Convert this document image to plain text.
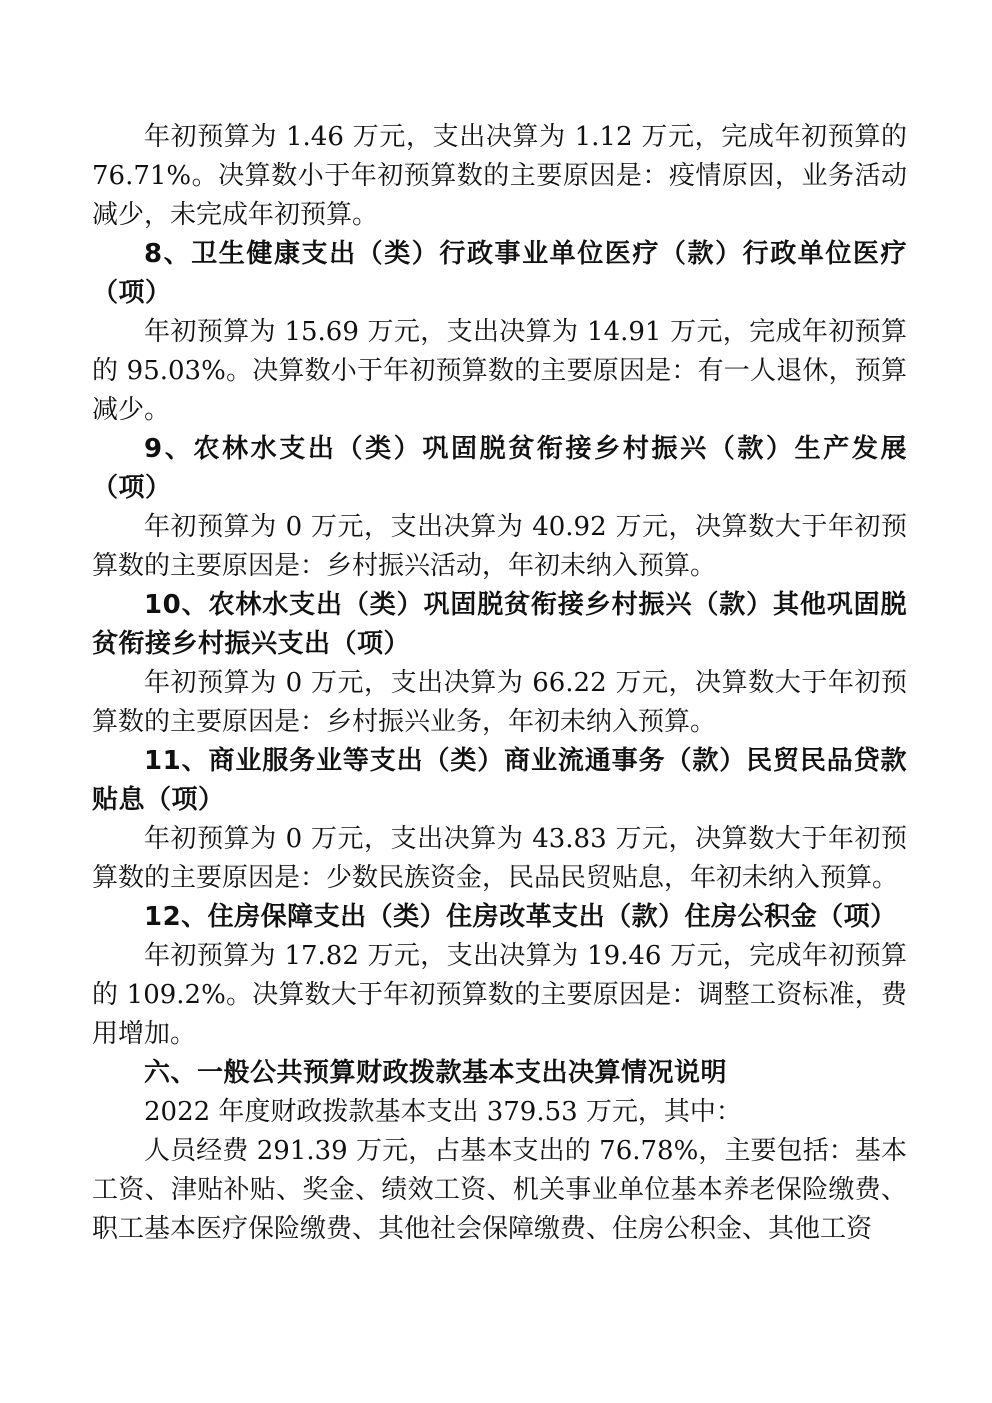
年初预算为 1.46 万元，支出决算为 1.12 万元，完成年初预算的 76.71%。决算数小于年初预算数的主要原因是：疫情原因，业务活动减少，未完成年初预算。

8、卫生健康支出（类）行政事业单位医疗（款）行政单位医疗（项）

年初预算为 15.69 万元，支出决算为 14.91 万元，完成年初预算的 95.03%。决算数小于年初预算数的主要原因是：有一人退休，预算减少。

9、农林水支出（类）巩固脱贫衔接乡村振兴（款）生产发展（项）

年初预算为 0 万元，支出决算为 40.92 万元，决算数大于年初预算数的主要原因是：乡村振兴活动，年初未纳入预算。

10、农林水支出（类）巩固脱贫衔接乡村振兴（款）其他巩固脱贫衔接乡村振兴支出（项）

年初预算为 0 万元，支出决算为 66.22 万元，决算数大于年初预算数的主要原因是：乡村振兴业务，年初未纳入预算。

11、商业服务业等支出（类）商业流通事务（款）民贸民品贷款贴息（项）

年初预算为 0 万元，支出决算为 43.83 万元，决算数大于年初预算数的主要原因是：少数民族资金，民品民贸贴息，年初未纳入预算。

12、住房保障支出（类）住房改革支出（款）住房公积金（项）

年初预算为 17.82 万元，支出决算为 19.46 万元，完成年初预算的 109.2%。决算数大于年初预算数的主要原因是：调整工资标准，费用增加。

六、一般公共预算财政拨款基本支出决算情况说明

2022 年度财政拨款基本支出 379.53 万元，其中：

人员经费 291.39 万元，占基本支出的 76.78%，主要包括：基本工资、津贴补贴、奖金、绩效工资、机关事业单位基本养老保险缴费、职工基本医疗保险缴费、其他社会保障缴费、住房公积金、其他工资
